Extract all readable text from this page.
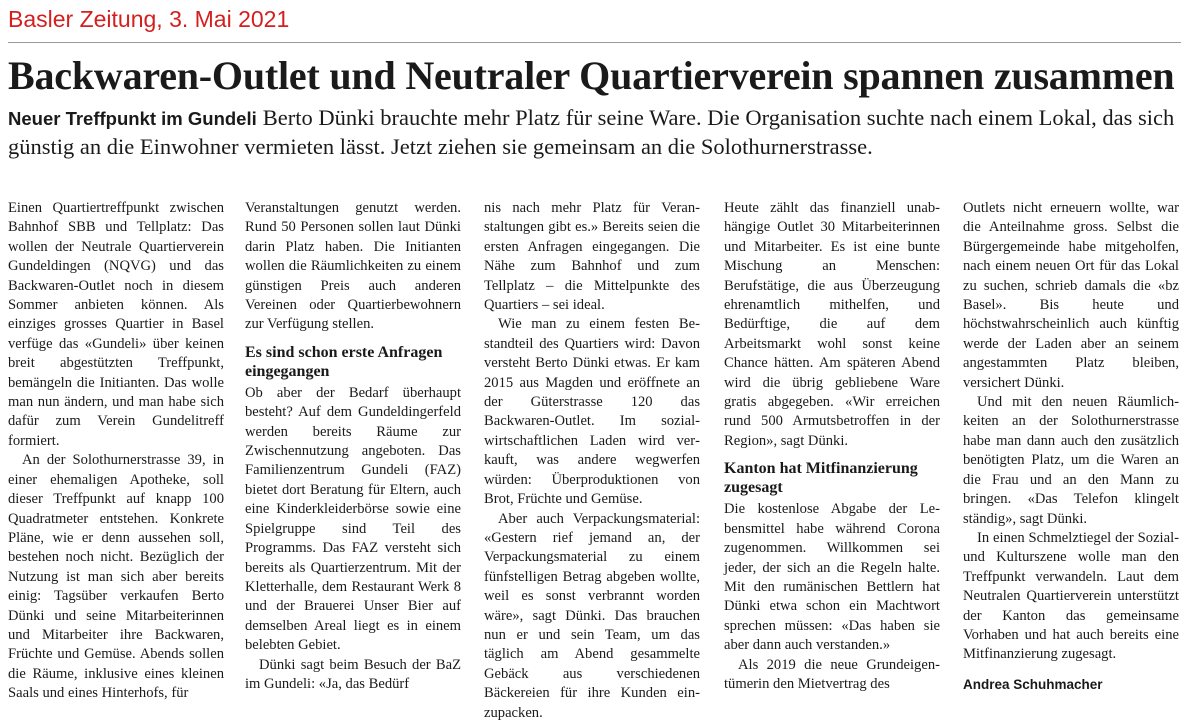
Basler Zeitung, 3. Mai 2021
Backwaren-Outlet und Neutraler Quartierverein spannen zusammen
Neuer Treffpunkt im Gundeli Berto Dünki brauchte mehr Platz für seine Ware. Die Organisation suchte nach einem Lokal, das sich günstig an die Einwohner vermieten lässt. Jetzt ziehen sie gemeinsam an die Solothurnerstrasse.

Einen Quartiertreffpunkt zwischen Bahnhof SBB und Tellplatz: Das wollen der Neutrale Quartierverein Gundeldingen (NQVG) und das Backwaren-Outlet noch in diesem Sommer anbieten können. Als einziges grosses Quartier in Basel verfüge das «Gundeli» über keinen breit abgestützten Treffpunkt, bemängeln die Initianten. Das wolle man nun ändern, und man habe sich dafür zum Verein Gundelitreff formiert.

An der Solothurnerstrasse 39, in einer ehemaligen Apotheke, soll dieser Treffpunkt auf knapp 100 Quadratmeter entstehen. Konkrete Pläne, wie er denn aussehen soll, bestehen noch nicht. Bezüglich der Nutzung ist man sich aber bereits einig: Tagsüber verkaufen Berto Dünki und seine Mitarbeiterinnen und Mitarbeiter ihre Backwaren, Früchte und Gemüse. Abends sollen die Räume, inklusive eines kleinen Saals und eines Hinterhofs, für

Veranstaltungen genutzt werden. Rund 50 Personen sollen laut Dünki darin Platz haben. Die Initianten wollen die Räumlichkeiten zu einem günstigen Preis auch anderen Vereinen oder Quartierbewohnern zur Verfügung stellen.

Es sind schon erste Anfragen eingegangen

Ob aber der Bedarf überhaupt besteht? Auf dem Gundeldingerfeld werden bereits Räume zur Zwischennutzung angeboten. Das Familienzentrum Gundeli (FAZ) bietet dort Beratung für Eltern, auch eine Kinderkleiderbörse sowie eine Spielgruppe sind Teil des Programms. Das FAZ versteht sich bereits als Quartierzentrum. Mit der Kletterhalle, dem Restaurant Werk 8 und der Brauerei Unser Bier auf demselben Areal liegt es in einem belebten Gebiet.

Dünki sagt beim Besuch der BaZ im Gundeli: «Ja, das Bedürf

nis nach mehr Platz für Veranstaltungen gibt es.» Bereits seien die ersten Anfragen eingegangen. Die Nähe zum Bahnhof und zum Tellplatz – die Mittelpunkte des Quartiers – sei ideal.

Wie man zu einem festen Bestandteil des Quartiers wird: Davon versteht Berto Dünki etwas. Er kam 2015 aus Magden und eröffnete an der Güterstrasse 120 das Backwaren-Outlet. Im sozialwirtschaftlichen Laden wird verkauft, was andere wegwerfen würden: Überproduktionen von Brot, Früchte und Gemüse.

Aber auch Verpackungsmaterial: «Gestern rief jemand an, der Verpackungsmaterial zu einem fünfstelligen Betrag abgeben wollte, weil es sonst verbrannt worden wäre», sagt Dünki. Das brauchen nun er und sein Team, um das täglich am Abend gesammelte Gebäck aus verschiedenen Bäckereien für ihre Kunden einzupacken.

Heute zählt das finanziell unabhängige Outlet 30 Mitarbeiterinnen und Mitarbeiter. Es ist eine bunte Mischung an Menschen: Berufstätige, die aus Überzeugung ehrenamtlich mithelfen, und Bedürftige, die auf dem Arbeitsmarkt wohl sonst keine Chance hätten. Am späteren Abend wird die übrig gebliebene Ware gratis abgegeben. «Wir erreichen rund 500 Armutsbetroffen in der Region», sagt Dünki.

Kanton hat Mitfinanzierung zugesagt

Die kostenlose Abgabe der Lebensmittel habe während Corona zugenommen. Willkommen sei jeder, der sich an die Regeln halte. Mit den rumänischen Bettlern hat Dünki etwa schon ein Machtwort sprechen müssen: «Das haben sie aber dann auch verstanden.»

Als 2019 die neue Grundeigentümerin den Mietvertrag des

Outlets nicht erneuern wollte, war die Anteilnahme gross. Selbst die Bürgergemeinde habe mitgeholfen, nach einem neuen Ort für das Lokal zu suchen, schrieb damals die «bz Basel». Bis heute und höchstwahrscheinlich auch künftig werde der Laden aber an seinem angestammten Platz bleiben, versichert Dünki.

Und mit den neuen Räumlichkeiten an der Solothurnerstrasse habe man dann auch den zusätzlich benötigten Platz, um die Waren an die Frau und an den Mann zu bringen. «Das Telefon klingelt ständig», sagt Dünki.

In einen Schmelztiegel der Sozial- und Kulturszene wolle man den Treffpunkt verwandeln. Laut dem Neutralen Quartierverein unterstützt der Kanton das gemeinsame Vorhaben und hat auch bereits eine Mitfinanzierung zugesagt.

Andrea Schuhmacher
